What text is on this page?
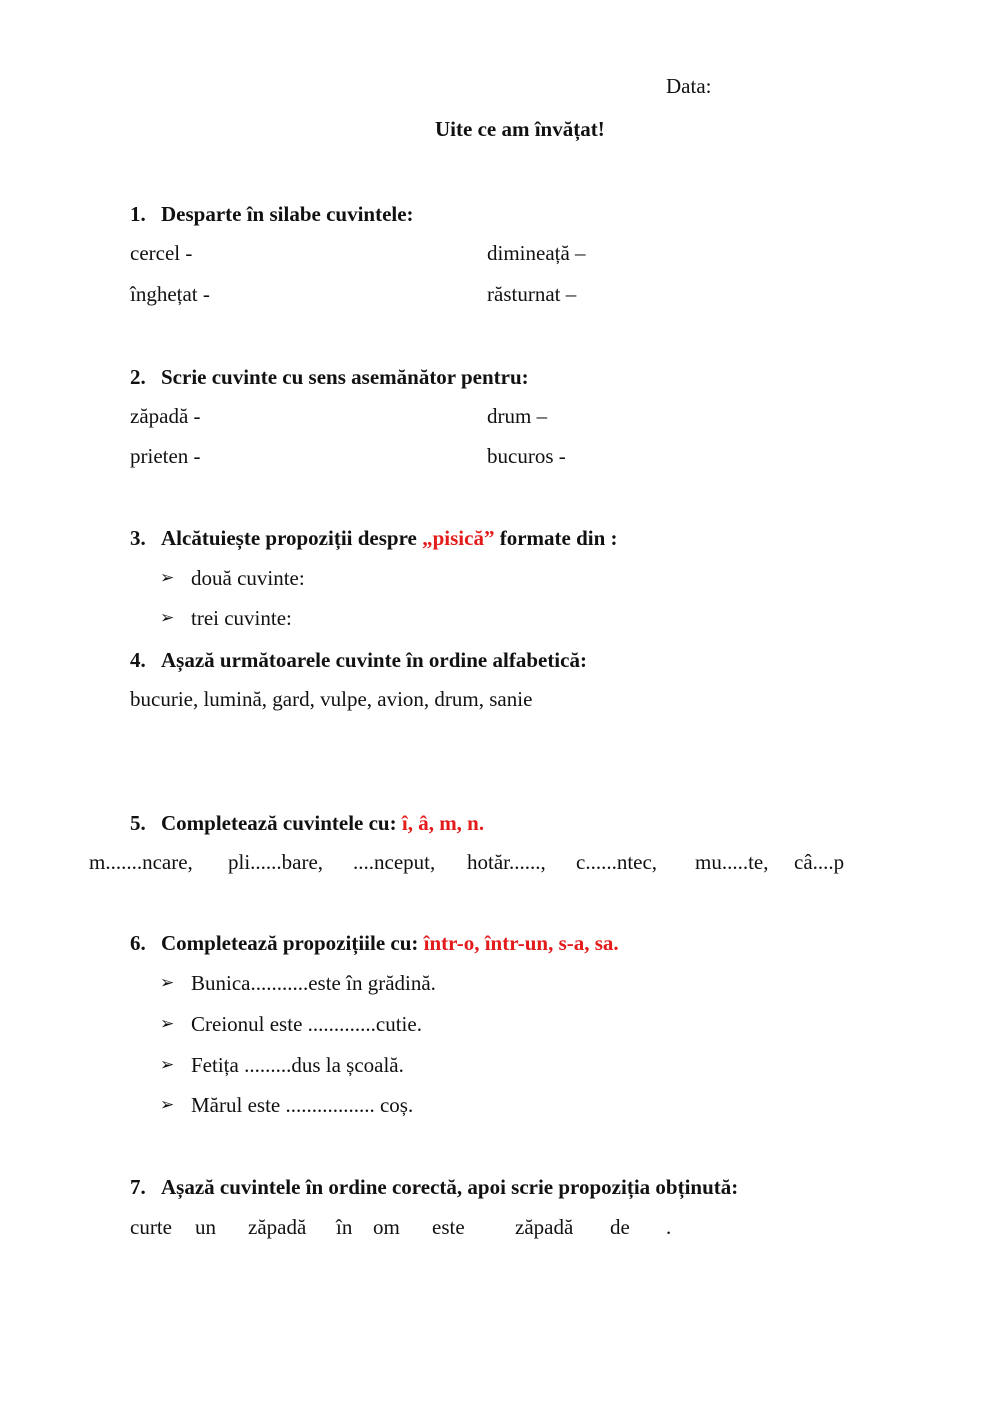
Data:
Uite ce am învățat!
1. Desparte în silabe cuvintele:
cercel -	dimineață –
înghețat -	răsturnat –
2. Scrie cuvinte cu sens asemănător pentru:
zăpadă -	drum –
prieten -	bucuros -
3. Alcătuiește propoziții despre „pisică” formate din :
➢ două cuvinte:
➢ trei cuvinte:
4. Așază următoarele cuvinte în ordine alfabetică:
bucurie, lumină, gard, vulpe, avion, drum, sanie
5. Completează cuvintele cu: î, â, m, n.
m.......ncare, pli......bare, ....nceput, hotăr......, c......ntec, mu.....te, câ....p
6. Completează propozițiile cu: într-o, într-un, s-a, sa.
➢ Bunica...........este în grădină.
➢ Creionul este .............cutie.
➢ Fetița .........dus la școală.
➢ Mărul este ................. coș.
7. Așază cuvintele în ordine corectă, apoi scrie propoziția obținută:
curte un zăpadă în om este zăpadă de .
